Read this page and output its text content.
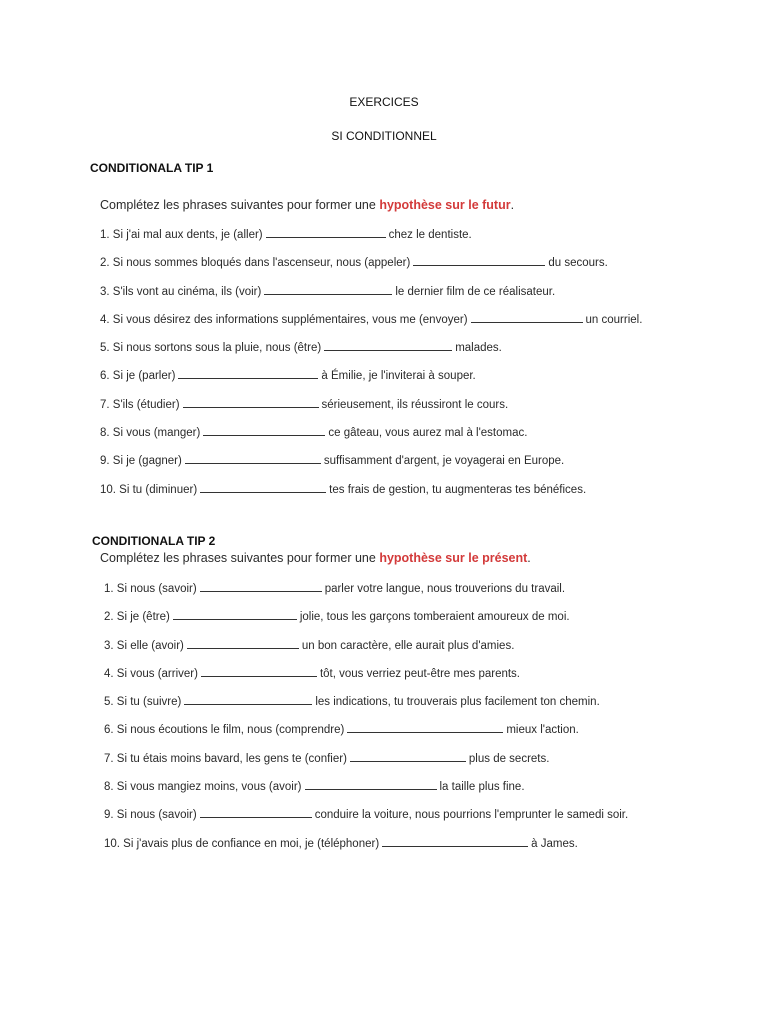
EXERCICES
SI CONDITIONNEL
CONDITIONALA TIP 1
Complétez les phrases suivantes pour former une hypothèse sur le futur.
1. Si j'ai mal aux dents, je (aller)	chez le dentiste.
2. Si nous sommes bloqués dans l'ascenseur, nous (appeler)	du secours.
3. S'ils vont au cinéma, ils (voir)	le dernier film de ce réalisateur.
4. Si vous désirez des informations supplémentaires, vous me (envoyer)	un courriel.
5. Si nous sortons sous la pluie, nous (être)	malades.
6. Si je (parler)	à Émilie, je l'inviterai à souper.
7. S'ils (étudier)	sérieusement, ils réussiront le cours.
8. Si vous (manger)	ce gâteau, vous aurez mal à l'estomac.
9. Si je (gagner)	suffisamment d'argent, je voyagerai en Europe.
10. Si tu (diminuer)	tes frais de gestion, tu augmenteras tes bénéfices.
CONDITIONALA TIP 2
Complétez les phrases suivantes pour former une hypothèse sur le présent.
1. Si nous (savoir)	parler votre langue, nous trouverions du travail.
2. Si je (être)	jolie, tous les garçons tomberaient amoureux de moi.
3. Si elle (avoir)	un bon caractère, elle aurait plus d'amies.
4. Si vous (arriver)	tôt, vous verriez peut-être mes parents.
5. Si tu (suivre)	les indications, tu trouverais plus facilement ton chemin.
6. Si nous écoutions le film, nous (comprendre)	mieux l'action.
7. Si tu étais moins bavard, les gens te (confier)	plus de secrets.
8. Si vous mangiez moins, vous (avoir)	la taille plus fine.
9. Si nous (savoir)	conduire la voiture, nous pourrions l'emprunter le samedi soir.
10. Si j'avais plus de confiance en moi, je (téléphoner)	à James.
